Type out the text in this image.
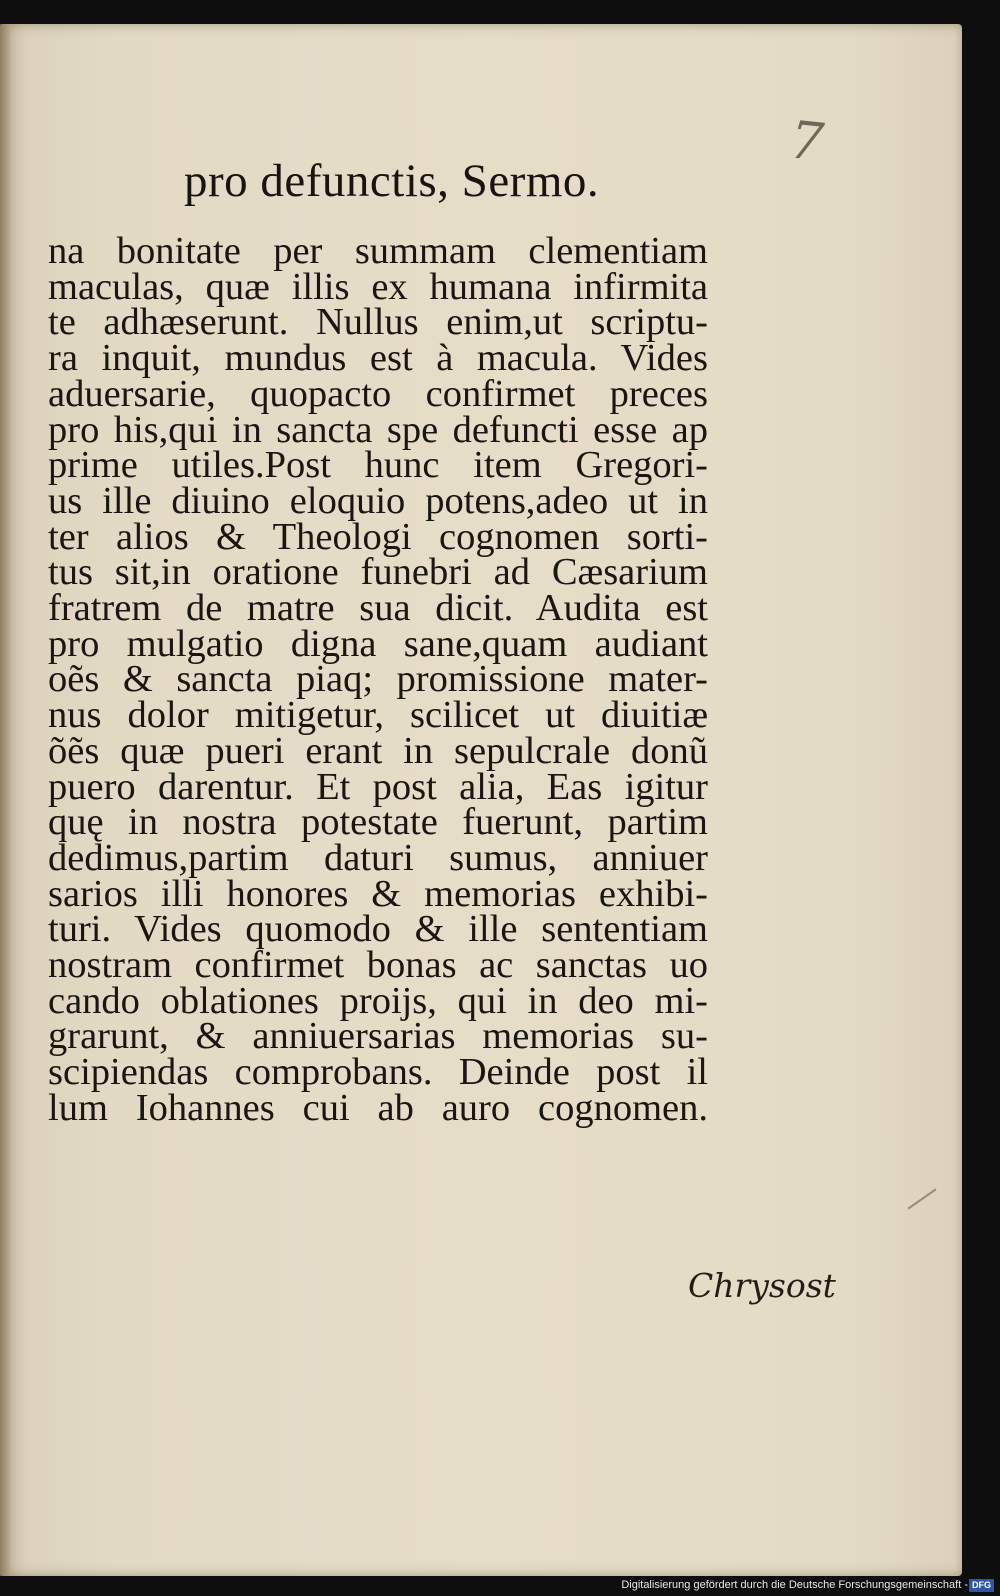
7
pro defunctis, Sermo.
na bonitate per summam clementiam
maculas, quæ illis ex humana infirmita
te adhæserunt. Nullus enim,ut scriptu-
ra inquit, mundus est à macula. Vides
aduersarie, quopacto confirmet preces
pro his,qui in sancta spe defuncti esse ap
prime utiles.Post hunc item Gregori-
us ille diuino eloquio potens,adeo ut in
ter alios & Theologi cognomen sorti-
tus sit,in oratione funebri ad Cæsarium
fratrem de matre sua dicit. Audita est
pro mulgatio digna sane,quam audiant
oẽs & sancta piaq; promissione mater-
nus dolor mitigetur, scilicet ut diuitiæ
õẽs quæ pueri erant in sepulcrale donũ
puero darentur. Et post alia, Eas igitur
quę in nostra potestate fuerunt, partim
dedimus,partim daturi sumus, anniuer
sarios illi honores & memorias exhibi-
turi. Vides quomodo & ille sententiam
nostram confirmet bonas ac sanctas uo
cando oblationes proĳs, qui in deo mi-
grarunt, & anniuersarias memorias su-
scipiendas comprobans. Deinde post il
lum Iohannes cui ab auro cognomen.
Chrysost
Digitalisierung gefördert durch die Deutsche Forschungsgemeinschaft - DFG
